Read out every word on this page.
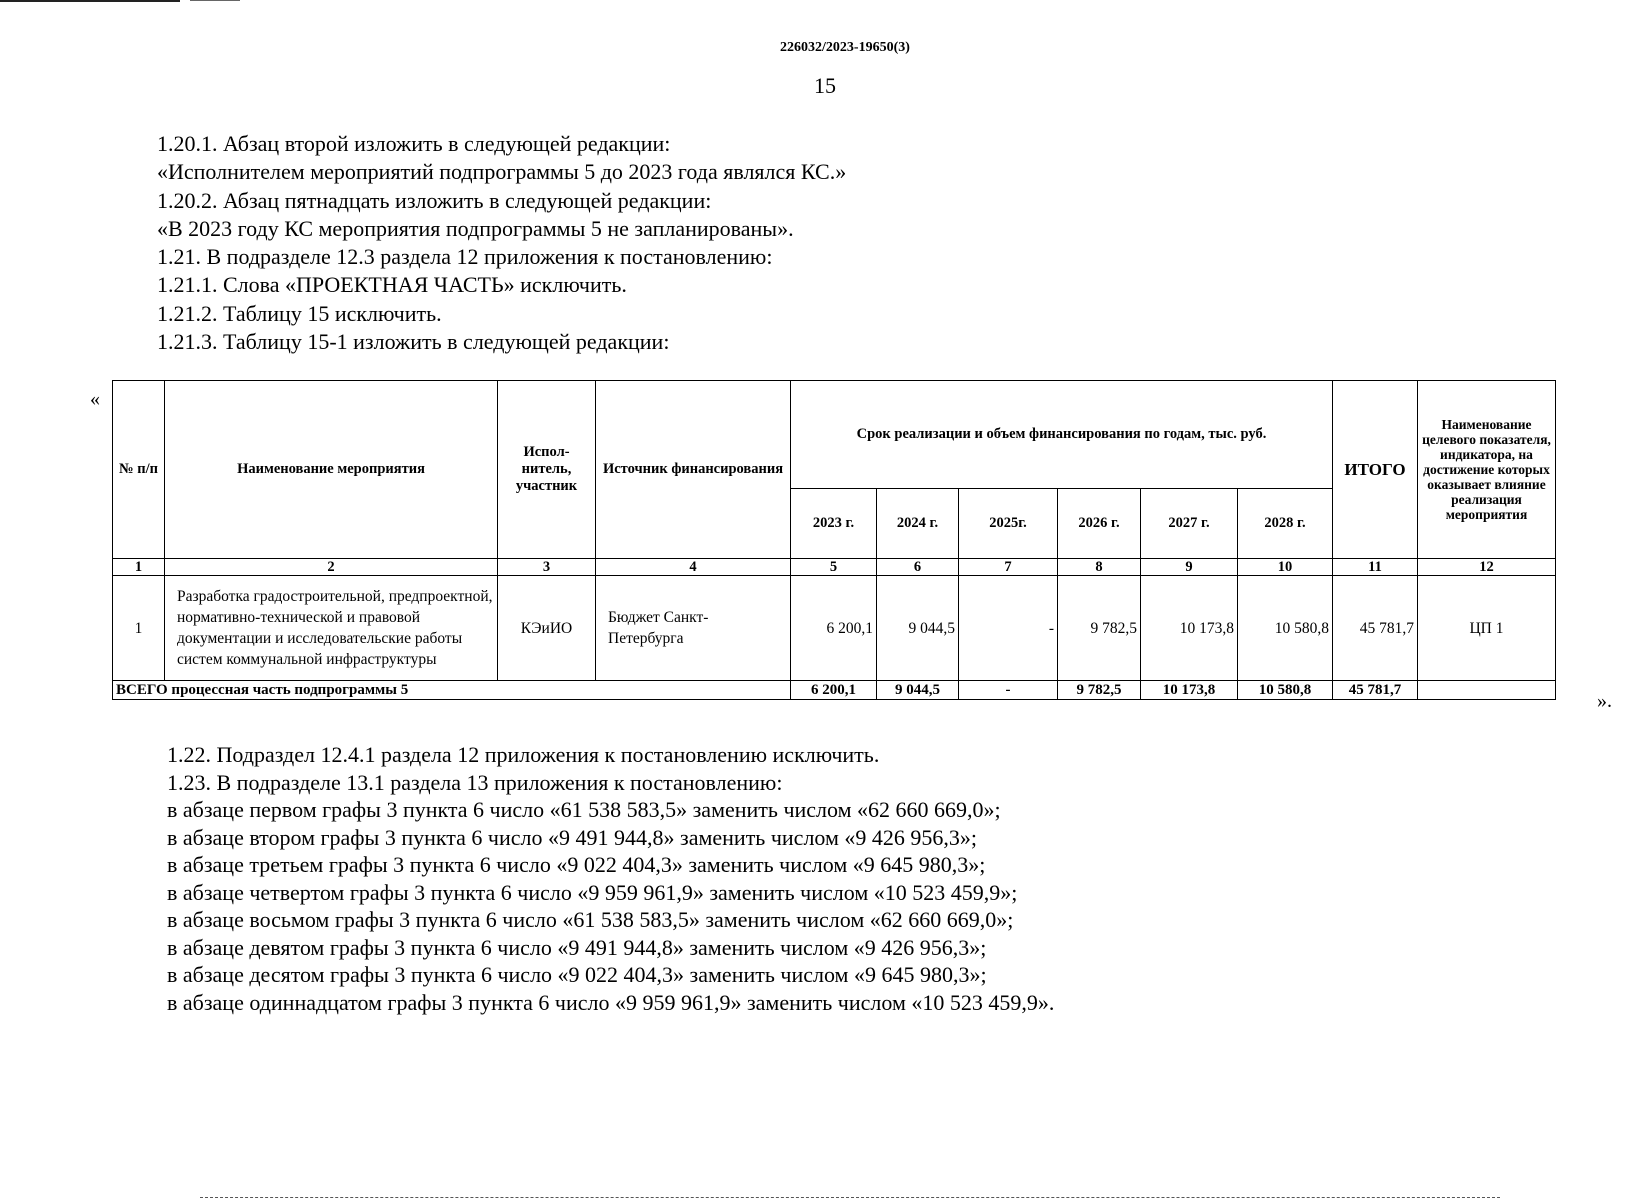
226032/2023-19650(3)
15

1.20.1. Абзац второй изложить в следующей редакции:

«Исполнителем мероприятий подпрограммы 5 до 2023 года являлся КС.»

1.20.2. Абзац пятнадцать изложить в следующей редакции:

«В 2023 году КС мероприятия подпрограммы 5 не запланированы».

1.21. В подразделе 12.3 раздела 12 приложения к постановлению:

1.21.1. Слова «ПРОЕКТНАЯ ЧАСТЬ» исключить.

1.21.2. Таблицу 15 исключить.

1.21.3. Таблицу 15-1 изложить в следующей редакции:

«
№ п/п	Наименование мероприятия	Испол-нитель, участник	Источник финансирования	Срок реализации и объем финансирования по годам, тыс. руб.						ИТОГО	Наименование целевого показателя, индикатора, на достижение которых оказывает влияние реализация мероприятия
				2023 г.	2024 г.	2025г.	2026 г.	2027 г.	2028 г.		
1	2	3	4	5	6	7	8	9	10	11	12
1	Разработка градостроительной, предпроектной, нормативно-технической и правовой документации и исследовательские работы систем коммунальной инфраструктуры	КЭиИО	Бюджет Санкт-Петербурга	6 200,1	9 044,5	-	9 782,5	10 173,8	10 580,8	45 781,7	ЦП 1
ВСЕГО процессная часть подпрограммы 5				6 200,1	9 044,5	-	9 782,5	10 173,8	10 580,8	45 781,7		».

1.22. Подраздел 12.4.1 раздела 12 приложения к постановлению исключить.

1.23. В подразделе 13.1 раздела 13 приложения к постановлению:

в абзаце первом графы 3 пункта 6 число «61 538 583,5» заменить числом «62 660 669,0»;

в абзаце втором графы 3 пункта 6 число «9 491 944,8» заменить числом «9 426 956,3»;

в абзаце третьем графы 3 пункта 6 число «9 022 404,3» заменить числом «9 645 980,3»;

в абзаце четвертом графы 3 пункта 6 число «9 959 961,9» заменить числом «10 523 459,9»;

в абзаце восьмом графы 3 пункта 6 число «61 538 583,5» заменить числом «62 660 669,0»;

в абзаце девятом графы 3 пункта 6 число «9 491 944,8» заменить числом «9 426 956,3»;

в абзаце десятом графы 3 пункта 6 число «9 022 404,3» заменить числом «9 645 980,3»;

в абзаце одиннадцатом графы 3 пункта 6 число «9 959 961,9» заменить числом «10 523 459,9».
